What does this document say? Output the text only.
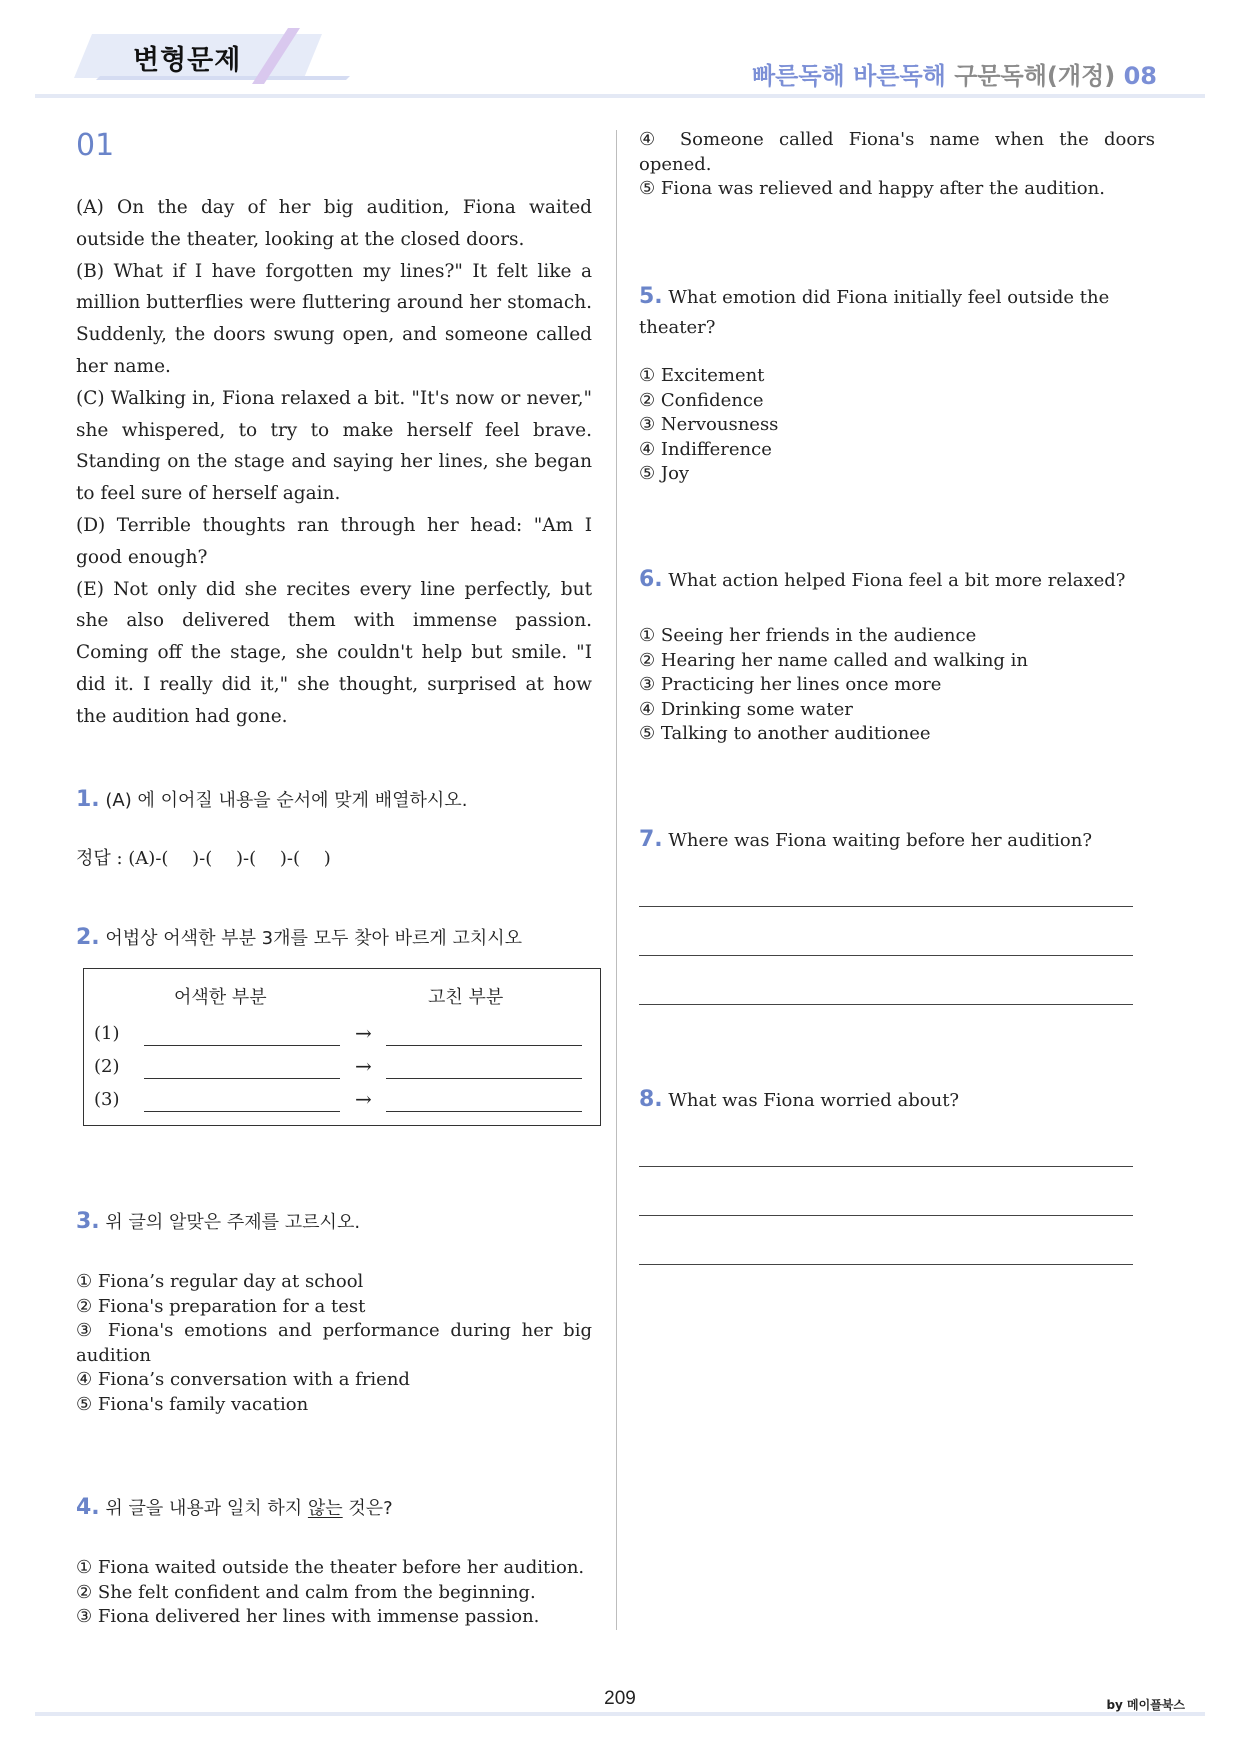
변형문제	빠른독해 바른독해 구문독해(개정) 08
01

(A) On the day of her big audition, Fiona waited outside the theater, looking at the closed doors.

(B) What if I have forgotten my lines?" It felt like a million butterflies were fluttering around her stomach. Suddenly, the doors swung open, and someone called her name.

(C) Walking in, Fiona relaxed a bit. "It's now or never," she whispered, to try to make herself feel brave. Standing on the stage and saying her lines, she began to feel sure of herself again.

(D) Terrible thoughts ran through her head: "Am I good enough?

(E) Not only did she recites every line perfectly, but she also delivered them with immense passion. Coming off the stage, she couldn't help but smile. "I did it. I really did it," she thought, surprised at how the audition had gone.

1. (A) 에 이어질 내용을 순서에 맞게 배열하시오.
정답 : (A)-(　 )-(　 )-(　 )-(　 )
2. 어법상 어색한 부분 3개를 모두 찾아 바르게 고치시오
어색한 부분	고친 부분
(1)	→
(2)	→
(3)	→
3. 위 글의 알맞은 주제를 고르시오.
① Fiona’s regular day at school
② Fiona's preparation for a test
③ Fiona's emotions and performance during her big audition
④ Fiona’s conversation with a friend
⑤ Fiona's family vacation
4. 위 글을 내용과 일치 하지 않는 것은?
① Fiona waited outside the theater before her audition.
② She felt confident and calm from the beginning.
③ Fiona delivered her lines with immense passion.
④ Someone called Fiona's name when the doors opened.
⑤ Fiona was relieved and happy after the audition.
5. What emotion did Fiona initially feel outside the theater?
① Excitement
② Confidence
③ Nervousness
④ Indifference
⑤ Joy
6. What action helped Fiona feel a bit more relaxed?
① Seeing her friends in the audience
② Hearing her name called and walking in
③ Practicing her lines once more
④ Drinking some water
⑤ Talking to another auditionee
7. Where was Fiona waiting before her audition?
8. What was Fiona worried about?
209	by 메이플북스
